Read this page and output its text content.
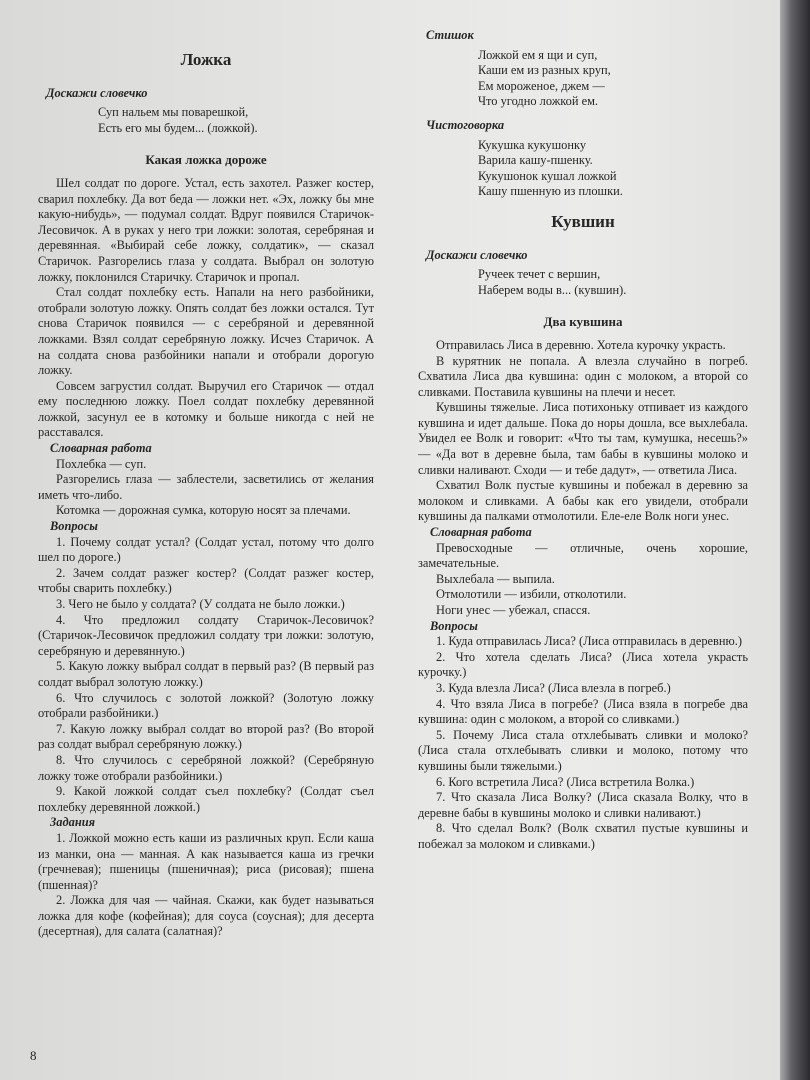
Ложка
Доскажи словечко

Суп нальем мы поварешкой,

Есть его мы будем... (ложкой).

Какая ложка дороже

Шел солдат по дороге. Устал, есть захотел. Разжег костер, сварил похлебку. Да вот беда — ложки нет. «Эх, ложку бы мне какую-нибудь», — подумал солдат. Вдруг появился Старичок-Лесовичок. А в руках у него три ложки: золотая, серебряная и деревянная. «Выбирай себе ложку, солдатик», — сказал Старичок. Разгорелись глаза у солдата. Выбрал он золотую ложку, поклонился Старичку. Старичок и пропал.

Стал солдат похлебку есть. Напали на него разбойники, отобрали золотую ложку. Опять солдат без ложки остался. Тут снова Старичок появился — с серебряной и деревянной ложками. Взял солдат серебряную ложку. Исчез Старичок. А на солдата снова разбойники напали и отобрали дорогую ложку.

Совсем загрустил солдат. Выручил его Старичок — отдал ему последнюю ложку. Поел солдат похлебку деревянной ложкой, засунул ее в котомку и больше никогда с ней не расставался.

Словарная работа

Похлебка — суп.

Разгорелись глаза — заблестели, засветились от желания иметь что-либо.

Котомка — дорожная сумка, которую носят за плечами.

Вопросы

1. Почему солдат устал? (Солдат устал, потому что долго шел по дороге.)

2. Зачем солдат разжег костер? (Солдат разжег костер, чтобы сварить похлебку.)

3. Чего не было у солдата? (У солдата не было ложки.)

4. Что предложил солдату Старичок-Лесовичок? (Старичок-Лесовичок предложил солдату три ложки: золотую, серебряную и деревянную.)

5. Какую ложку выбрал солдат в первый раз? (В первый раз солдат выбрал золотую ложку.)

6. Что случилось с золотой ложкой? (Золотую ложку отобрали разбойники.)

7. Какую ложку выбрал солдат во второй раз? (Во второй раз солдат выбрал серебряную ложку.)

8. Что случилось с серебряной ложкой? (Серебряную ложку тоже отобрали разбойники.)

9. Какой ложкой солдат съел похлебку? (Солдат съел похлебку деревянной ложкой.)

Задания

1. Ложкой можно есть каши из различных круп. Если каша из манки, она — манная. А как называется каша из гречки (гречневая); пшеницы (пшеничная); риса (рисовая); пшена (пшенная)?

2. Ложка для чая — чайная. Скажи, как будет называться ложка для кофе (кофейная); для соуса (соусная); для десерта (десертная), для салата (салатная)?

Стишок

Ложкой ем я щи и суп,

Каши ем из разных круп,

Ем мороженое, джем —

Что угодно ложкой ем.

Чистоговорка

Кукушка кукушонку

Варила кашу-пшенку.

Кукушонок кушал ложкой

Кашу пшенную из плошки.

Кувшин
Доскажи словечко

Ручеек течет с вершин,

Наберем воды в... (кувшин).

Два кувшина

Отправилась Лиса в деревню. Хотела курочку украсть.

В курятник не попала. А влезла случайно в погреб. Схватила Лиса два кувшина: один с молоком, а второй со сливками. Поставила кувшины на плечи и несет.

Кувшины тяжелые. Лиса потихоньку отпивает из каждого кувшина и идет дальше. Пока до норы дошла, все выхлебала. Увидел ее Волк и говорит: «Что ты там, кумушка, несешь?» — «Да вот в деревне была, там бабы в кувшины молоко и сливки наливают. Сходи — и тебе дадут», — ответила Лиса.

Схватил Волк пустые кувшины и побежал в деревню за молоком и сливками. А бабы как его увидели, отобрали кувшины да палками отмолотили. Еле-еле Волк ноги унес.

Словарная работа

Превосходные — отличные, очень хорошие, замечательные.

Выхлебала — выпила.

Отмолотили — избили, отколотили.

Ноги унес — убежал, спасся.

Вопросы

1. Куда отправилась Лиса? (Лиса отправилась в деревню.)

2. Что хотела сделать Лиса? (Лиса хотела украсть курочку.)

3. Куда влезла Лиса? (Лиса влезла в погреб.)

4. Что взяла Лиса в погребе? (Лиса взяла в погребе два кувшина: один с молоком, а второй со сливками.)

5. Почему Лиса стала отхлебывать сливки и молоко? (Лиса стала отхлебывать сливки и молоко, потому что кувшины были тяжелыми.)

6. Кого встретила Лиса? (Лиса встретила Волка.)

7. Что сказала Лиса Волку? (Лиса сказала Волку, что в деревне бабы в кувшины молоко и сливки наливают.)

8. Что сделал Волк? (Волк схватил пустые кувшины и побежал за молоком и сливками.)

8
